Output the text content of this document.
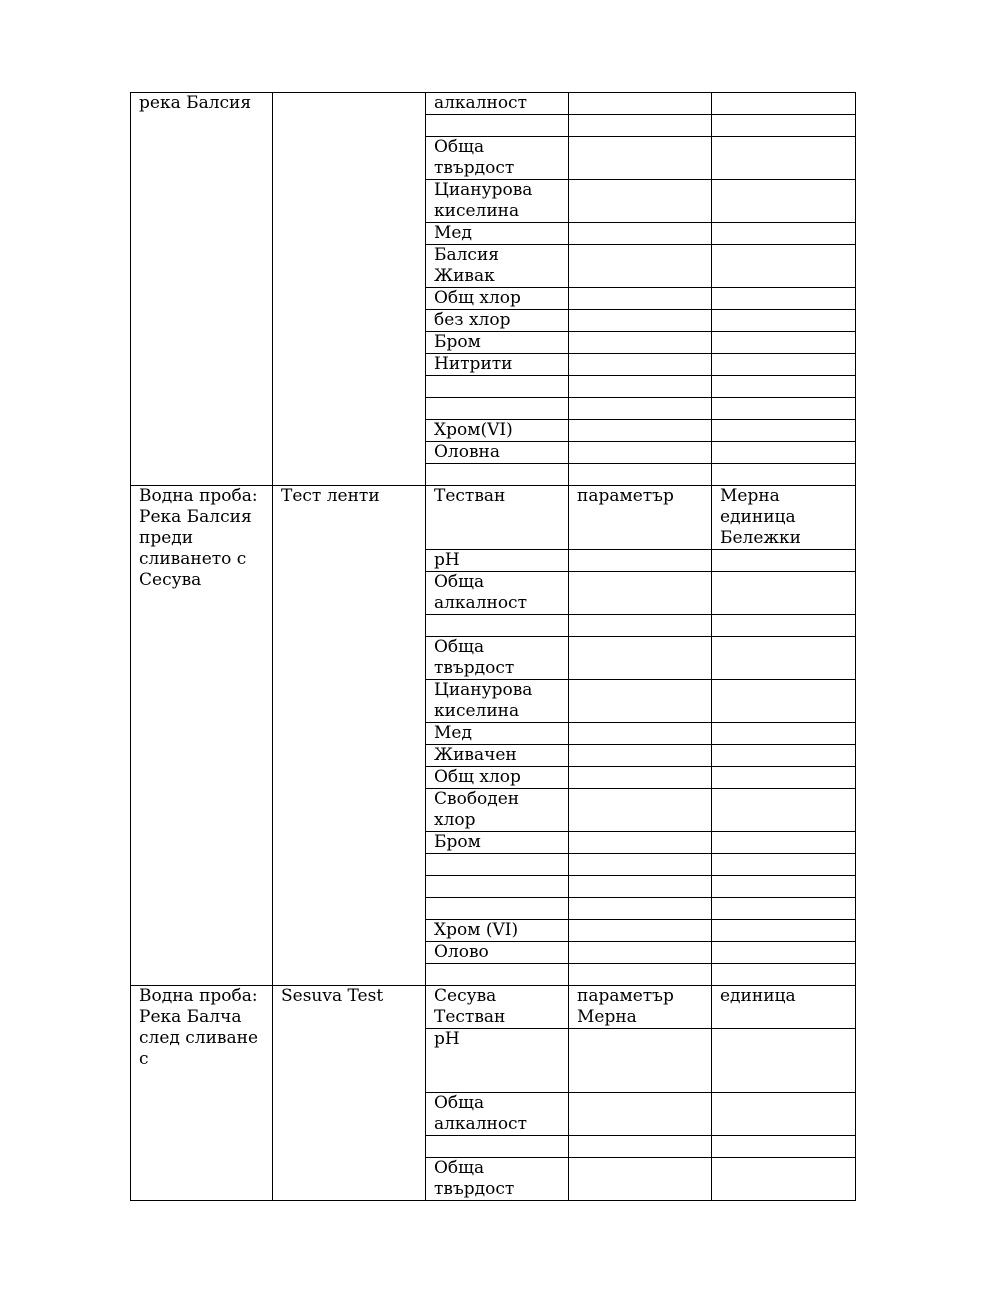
река Балсия		алкалност		

		Обща твърдост		
		Цианурова киселина		
		Мед		
		Балсия Живак		
		Общ хлор		
		без хлор		
		Бром		
		Нитрити		

		Хром(VI)		
		Оловна		

Водна проба: Река Балсия преди сливането с Сесува	Тест ленти	Тестван	параметър	Мерна единица Бележки
		pH		
		Обща алкалност		

		Обща твърдост		
		Цианурова киселина		
		Мед		
		Живачен		
		Общ хлор		
		Свободен хлор		
		Бром		

		Хром (VI)		
		Олово		

Водна проба: Река Балча след сливане с	Sesuva Test	Сесува Тестван	параметър Мерна	единица
		pH		
		Обща алкалност		

		Обща твърдост		
